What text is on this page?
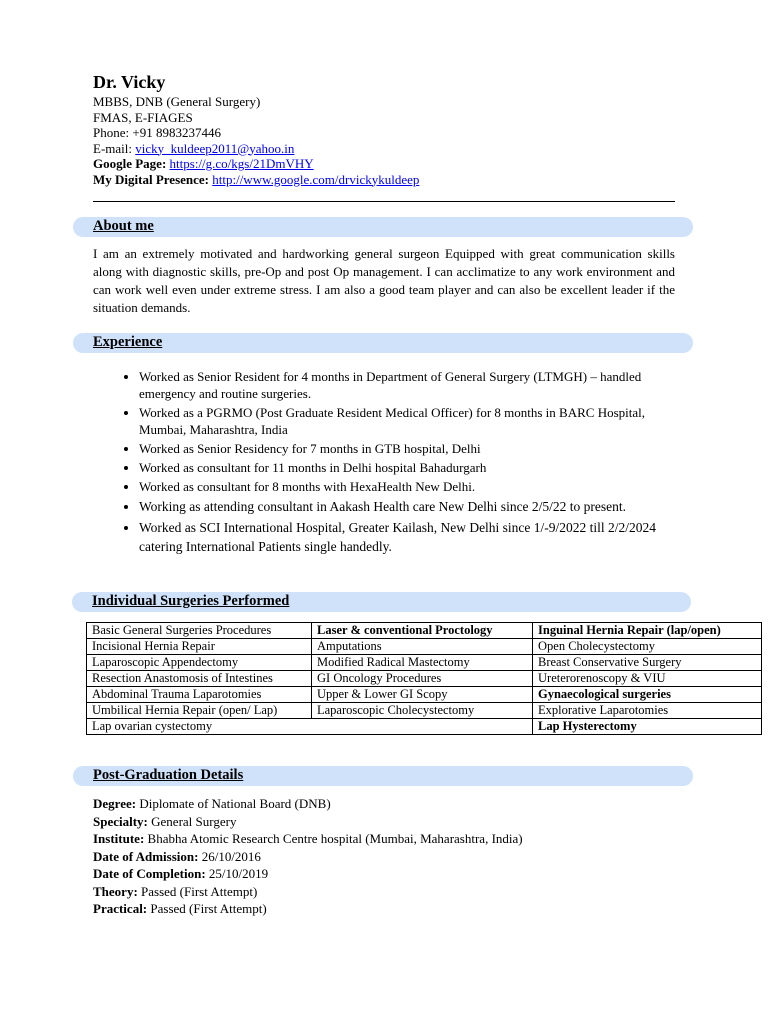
Dr. Vicky
MBBS, DNB (General Surgery)
FMAS, E-FIAGES
Phone: +91 8983237446
E-mail: vicky_kuldeep2011@yahoo.in
Google Page: https://g.co/kgs/21DmVHY
My Digital Presence: http://www.google.com/drvickykuldeep
About me
I am an extremely motivated and hardworking general surgeon Equipped with great communication skills along with diagnostic skills, pre-Op and post Op management. I can acclimatize to any work environment and can work well even under extreme stress. I am also a good team player and can also be excellent leader if the situation demands.
Experience
• Worked as Senior Resident for 4 months in Department of General Surgery (LTMGH) – handled emergency and routine surgeries.
• Worked as a PGRMO (Post Graduate Resident Medical Officer) for 8 months in BARC Hospital, Mumbai, Maharashtra, India
• Worked as Senior Residency for 7 months in GTB hospital, Delhi
• Worked as consultant for 11 months in Delhi hospital Bahadurgarh
• Worked as consultant for 8 months with HexaHealth New Delhi.
• Working as attending consultant in Aakash Health care New Delhi since 2/5/22 to present.
• Worked as SCI International Hospital, Greater Kailash, New Delhi since 1/-9/2022 till 2/2/2024 catering International Patients single handedly.
Individual Surgeries Performed
Basic General Surgeries Procedures	Laser & conventional Proctology	Inguinal Hernia Repair (lap/open)
Incisional Hernia Repair	Amputations	Open Cholecystectomy
Laparoscopic Appendectomy	Modified Radical Mastectomy	Breast Conservative Surgery
Resection Anastomosis of Intestines	GI Oncology Procedures	Ureterorenoscopy & VIU
Abdominal Trauma Laparotomies	Upper & Lower GI Scopy	Gynaecological surgeries
Umbilical Hernia Repair (open/ Lap)	Laparoscopic Cholecystectomy	Explorative Laparotomies
Lap ovarian cystectomy		Lap Hysterectomy
Post-Graduation Details
Degree: Diplomate of National Board (DNB)
Specialty: General Surgery
Institute: Bhabha Atomic Research Centre hospital (Mumbai, Maharashtra, India)
Date of Admission: 26/10/2016
Date of Completion: 25/10/2019
Theory: Passed (First Attempt)
Practical: Passed (First Attempt)
